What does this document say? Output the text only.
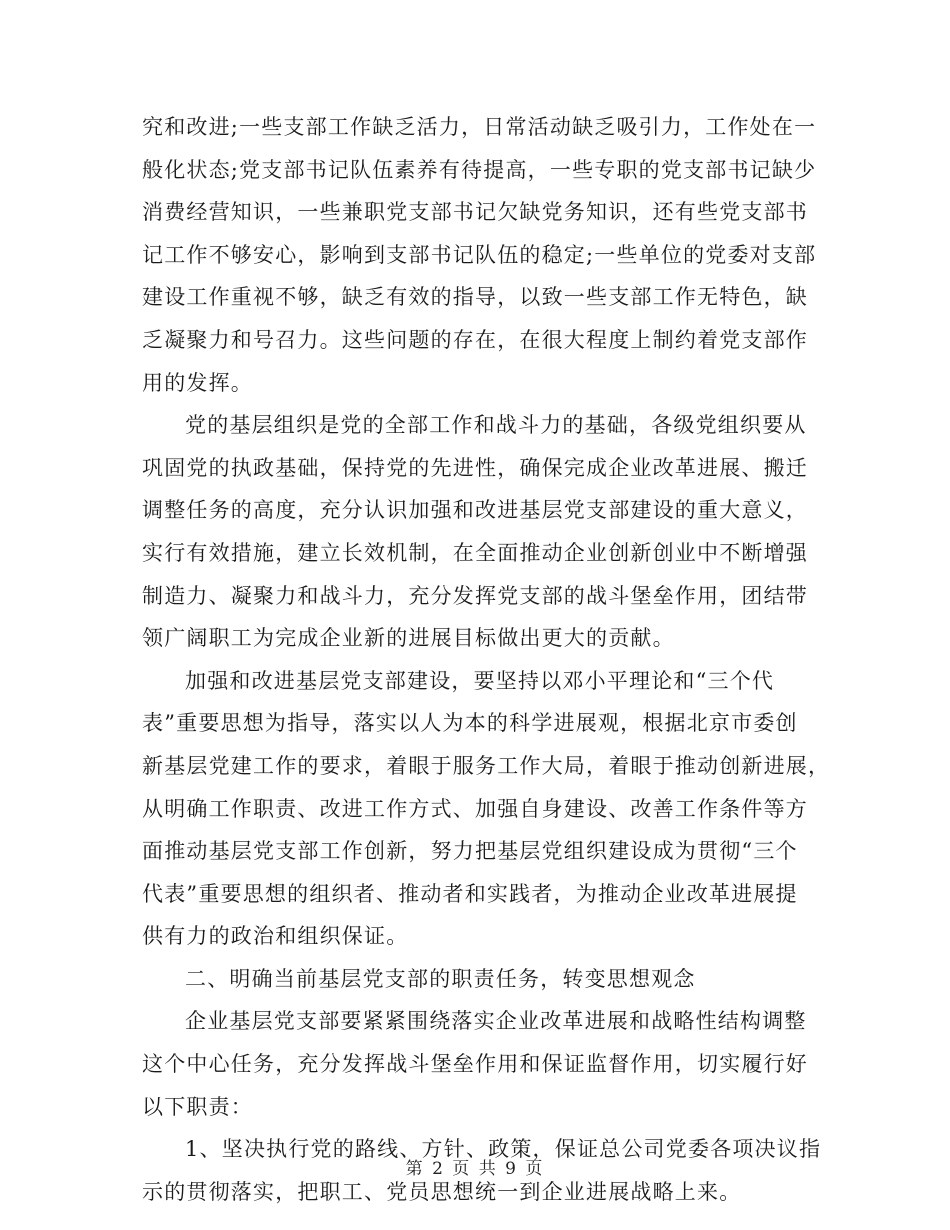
究和改进;一些支部工作缺乏活力，日常活动缺乏吸引力，工作处在一
般化状态;党支部书记队伍素养有待提高，一些专职的党支部书记缺少
消费经营知识，一些兼职党支部书记欠缺党务知识，还有些党支部书
记工作不够安心，影响到支部书记队伍的稳定;一些单位的党委对支部
建设工作重视不够，缺乏有效的指导，以致一些支部工作无特色，缺
乏凝聚力和号召力。这些问题的存在，在很大程度上制约着党支部作
用的发挥。
党的基层组织是党的全部工作和战斗力的基础，各级党组织要从
巩固党的执政基础，保持党的先进性，确保完成企业改革进展、搬迁
调整任务的高度，充分认识加强和改进基层党支部建设的重大意义，
实行有效措施，建立长效机制，在全面推动企业创新创业中不断增强
制造力、凝聚力和战斗力，充分发挥党支部的战斗堡垒作用，团结带
领广阔职工为完成企业新的进展目标做出更大的贡献。
加强和改进基层党支部建设，要坚持以邓小平理论和“三个代
表”重要思想为指导，落实以人为本的科学进展观，根据北京市委创
新基层党建工作的要求，着眼于服务工作大局，着眼于推动创新进展，
从明确工作职责、改进工作方式、加强自身建设、改善工作条件等方
面推动基层党支部工作创新，努力把基层党组织建设成为贯彻“三个
代表”重要思想的组织者、推动者和实践者，为推动企业改革进展提
供有力的政治和组织保证。
二、明确当前基层党支部的职责任务，转变思想观念
企业基层党支部要紧紧围绕落实企业改革进展和战略性结构调整
这个中心任务，充分发挥战斗堡垒作用和保证监督作用，切实履行好
以下职责：
1、坚决执行党的路线、方针、政策，保证总公司党委各项决议指
示的贯彻落实，把职工、党员思想统一到企业进展战略上来。
第 2 页 共 9 页
